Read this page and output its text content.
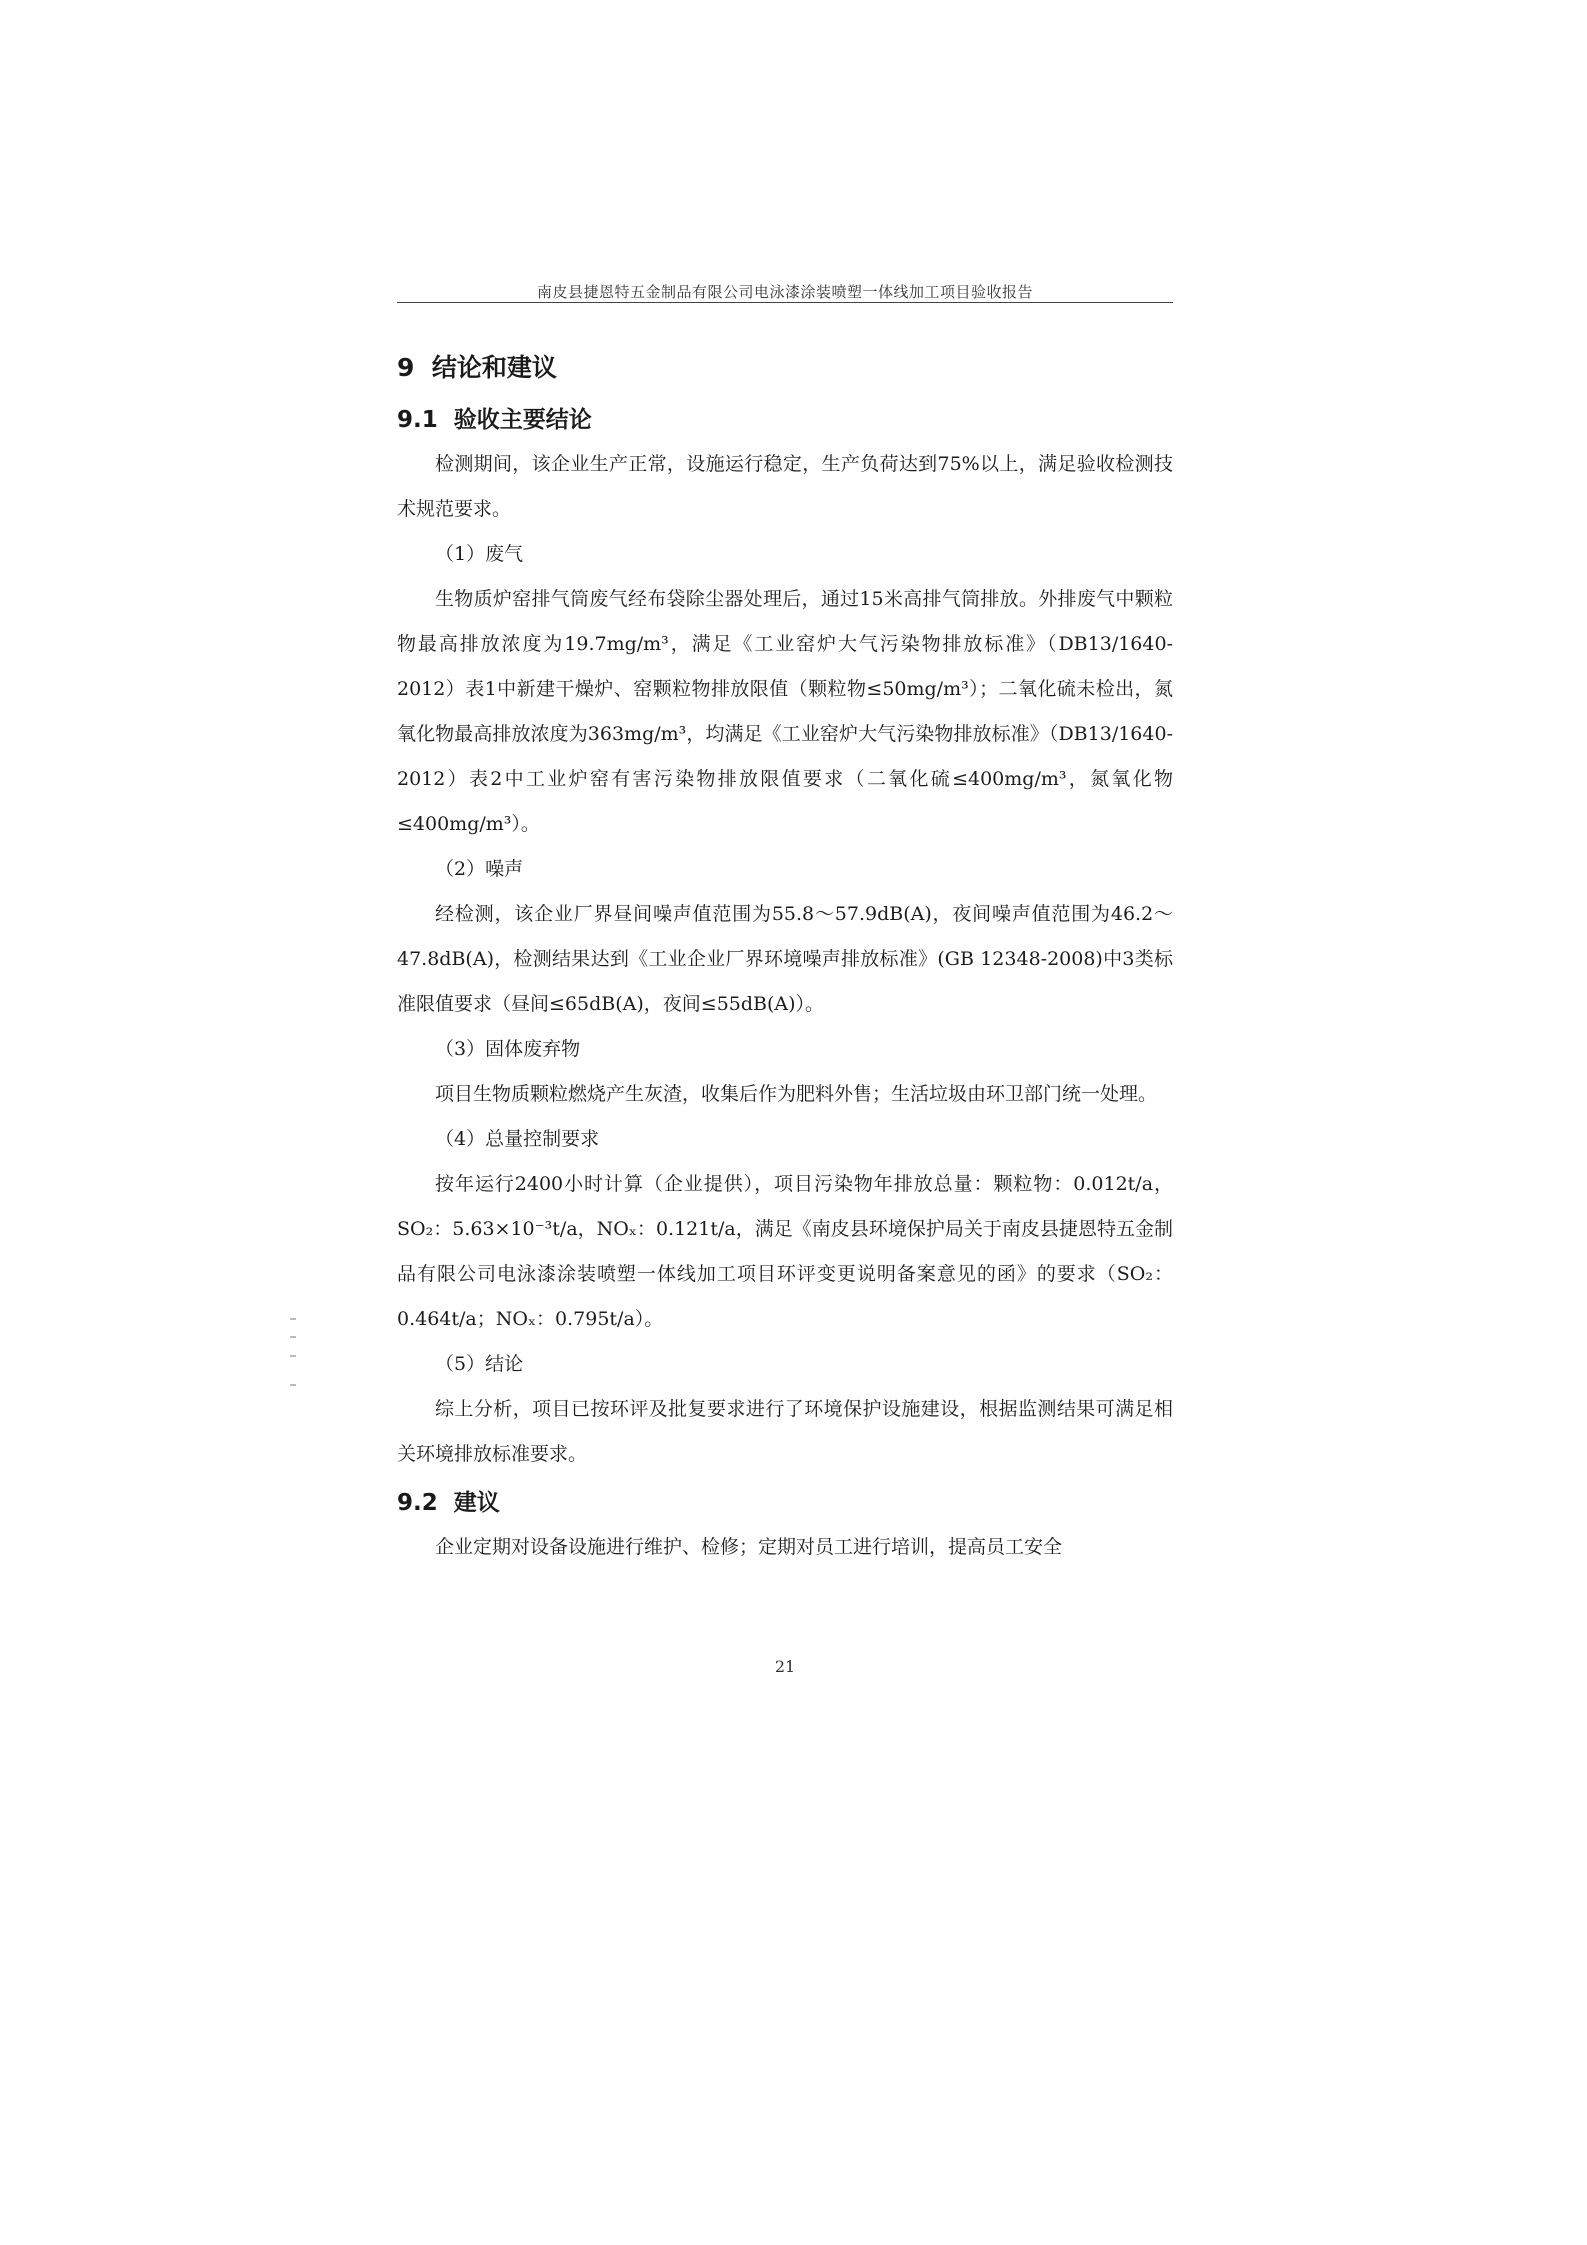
南皮县捷恩特五金制品有限公司电泳漆涂装喷塑一体线加工项目验收报告
9 结论和建议
9.1 验收主要结论

检测期间，该企业生产正常，设施运行稳定，生产负荷达到75%以上，满足验收检测技术规范要求。

（1）废气

生物质炉窑排气筒废气经布袋除尘器处理后，通过15米高排气筒排放。外排废气中颗粒物最高排放浓度为19.7mg/m³，满足《工业窑炉大气污染物排放标准》（DB13/1640-2012）表1中新建干燥炉、窑颗粒物排放限值（颗粒物≤50mg/m³）；二氧化硫未检出，氮氧化物最高排放浓度为363mg/m³，均满足《工业窑炉大气污染物排放标准》（DB13/1640-2012）表2中工业炉窑有害污染物排放限值要求（二氧化硫≤400mg/m³，氮氧化物≤400mg/m³）。

（2）噪声

经检测，该企业厂界昼间噪声值范围为55.8～57.9dB(A)，夜间噪声值范围为46.2～47.8dB(A)，检测结果达到《工业企业厂界环境噪声排放标准》(GB 12348-2008)中3类标准限值要求（昼间≤65dB(A)，夜间≤55dB(A)）。

（3）固体废弃物

项目生物质颗粒燃烧产生灰渣，收集后作为肥料外售；生活垃圾由环卫部门统一处理。

（4）总量控制要求

按年运行2400小时计算（企业提供），项目污染物年排放总量：颗粒物：0.012t/a，SO₂：5.63×10⁻³t/a，NOₓ：0.121t/a，满足《南皮县环境保护局关于南皮县捷恩特五金制品有限公司电泳漆涂装喷塑一体线加工项目环评变更说明备案意见的函》的要求（SO₂：0.464t/a；NOₓ：0.795t/a）。

（5）结论

综上分析，项目已按环评及批复要求进行了环境保护设施建设，根据监测结果可满足相关环境排放标准要求。

9.2 建议

企业定期对设备设施进行维护、检修；定期对员工进行培训，提高员工安全

21
